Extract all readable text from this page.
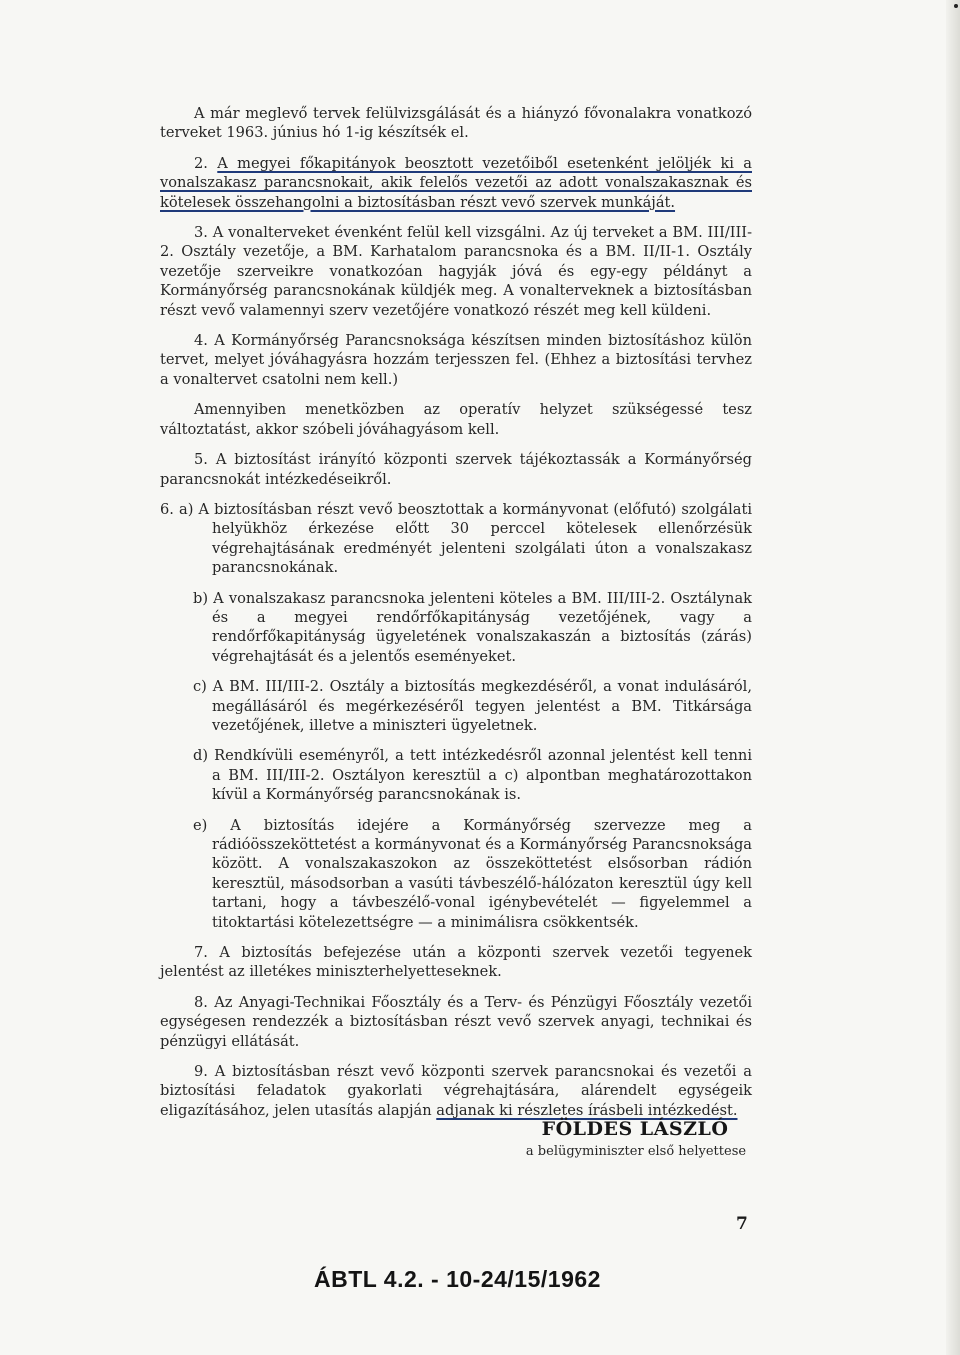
A már meglevő tervek felülvizsgálását és a hiányzó fővonalakra vonatkozó terveket 1963. június hó 1-ig készítsék el.

2. A megyei főkapitányok beosztott vezetőiből esetenként jelöljék ki a vonalszakasz parancsnokait, akik felelős vezetői az adott vonalszakasznak és kötelesek összehangolni a biztosításban részt vevő szervek munkáját.

3. A vonalterveket évenként felül kell vizsgálni. Az új terveket a BM. III/III-2. Osztály vezetője, a BM. Karhatalom parancsnoka és a BM. II/II-1. Osztály vezetője szerveikre vonatkozóan hagyják jóvá és egy-egy példányt a Kormányőrség parancsnokának küldjék meg. A vonalterveknek a biztosításban részt vevő valamennyi szerv vezetőjére vonatkozó részét meg kell küldeni.

4. A Kormányőrség Parancsnoksága készítsen minden biztosításhoz külön tervet, melyet jóváhagyásra hozzám terjesszen fel. (Ehhez a biztosítási tervhez a vonaltervet csatolni nem kell.)

Amennyiben menetközben az operatív helyzet szükségessé tesz változtatást, akkor szóbeli jóváhagyásom kell.

5. A biztosítást irányító központi szervek tájékoztassák a Kormányőrség parancsnokát intézkedéseikről.

6. a) A biztosításban részt vevő beosztottak a kormányvonat (előfutó) szolgálati helyükhöz érkezése előtt 30 perccel kötelesek ellenőrzésük végrehajtásának eredményét jelenteni szolgálati úton a vonalszakasz parancsnokának.

b) A vonalszakasz parancsnoka jelenteni köteles a BM. III/III-2. Osztálynak és a megyei rendőrfőkapitányság vezetőjének, vagy a rendőrfőkapitányság ügyeletének vonalszakaszán a biztosítás (zárás) végrehajtását és a jelentős eseményeket.

c) A BM. III/III-2. Osztály a biztosítás megkezdéséről, a vonat indulásáról, megállásáról és megérkezéséről tegyen jelentést a BM. Titkársága vezetőjének, illetve a miniszteri ügyeletnek.

d) Rendkívüli eseményről, a tett intézkedésről azonnal jelentést kell tenni a BM. III/III-2. Osztályon keresztül a c) alpontban meghatározottakon kívül a Kormányőrség parancsnokának is.

e) A biztosítás idejére a Kormányőrség szervezze meg a rádióösszeköttetést a kormányvonat és a Kormányőrség Parancsnoksága között. A vonalszakaszokon az összeköttetést elsősorban rádión keresztül, másodsorban a vasúti távbeszélő-hálózaton keresztül úgy kell tartani, hogy a távbeszélő-vonal igénybevételét — figyelemmel a titoktartási kötelezettségre — a minimálisra csökkentsék.

7. A biztosítás befejezése után a központi szervek vezetői tegyenek jelentést az illetékes miniszterhelyetteseknek.

8. Az Anyagi-Technikai Főosztály és a Terv- és Pénzügyi Főosztály vezetői egységesen rendezzék a biztosításban részt vevő szervek anyagi, technikai és pénzügyi ellátását.

9. A biztosításban részt vevő központi szervek parancsnokai és vezetői a biztosítási feladatok gyakorlati végrehajtására, alárendelt egységeik eligazításához, jelen utasítás alapján adjanak ki részletes írásbeli intézkedést.

FÖLDES LÁSZLÓ
a belügyminiszter első helyettese
7
ÁBTL 4.2. - 10-24/15/1962
